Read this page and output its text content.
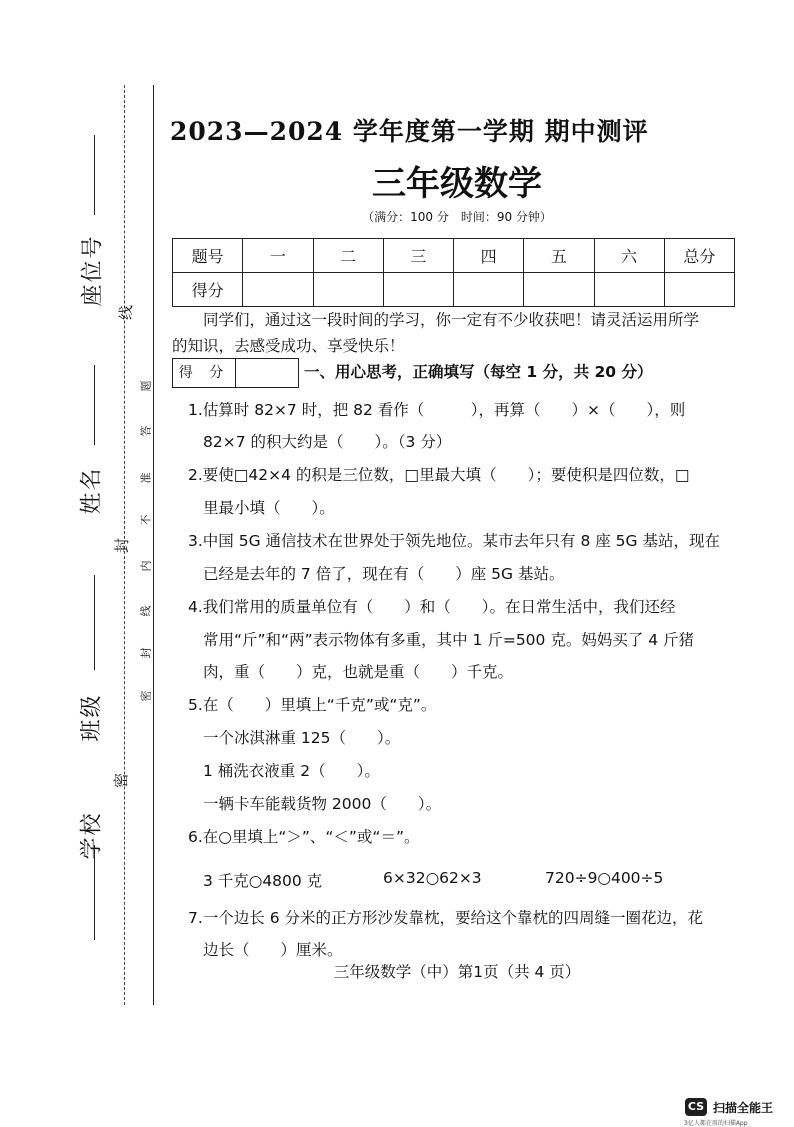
座位号
姓名
班级
学校
线
封
密
题
答
准
不
内
线
封
密
2023—2024 学年度第一学期 期中测评
三年级数学
（满分：100 分　时间：90 分钟）
题号	一	二	三	四	五	六	总分
得分							
　　同学们，通过这一段时间的学习，你一定有不少收获吧！请灵活运用所学
的知识，去感受成功、享受快乐！
得 分	一、用心思考，正确填写（每空 1 分，共 20 分）
1.估算时 82×7 时，把 82 看作（　　　），再算（　　）×（　　），则
82×7 的积大约是（　　）。（3 分）
2.要使□42×4 的积是三位数，□里最大填（　　）；要使积是四位数，□
里最小填（　　）。
3.中国 5G 通信技术在世界处于领先地位。某市去年只有 8 座 5G 基站，现在
已经是去年的 7 倍了，现在有（　　）座 5G 基站。
4.我们常用的质量单位有（　　）和（　　）。在日常生活中，我们还经
常用“斤”和“两”表示物体有多重，其中 1 斤=500 克。妈妈买了 4 斤猪
肉，重（　　）克，也就是重（　　）千克。
5.在（　　）里填上“千克”或“克”。
一个冰淇淋重 125（　　）。
1 桶洗衣液重 2（　　）。
一辆卡车能载货物 2000（　　）。
6.在○里填上“＞”、“＜”或“＝”。
3 千克○4800 克	6×32○62×3	720÷9○400÷5
7.一个边长 6 分米的正方形沙发靠枕，要给这个靠枕的四周缝一圈花边，花
边长（　　）厘米。
三年级数学（中）第1页（共 4 页）
CS 扫描全能王
3亿人都在用的扫描App
